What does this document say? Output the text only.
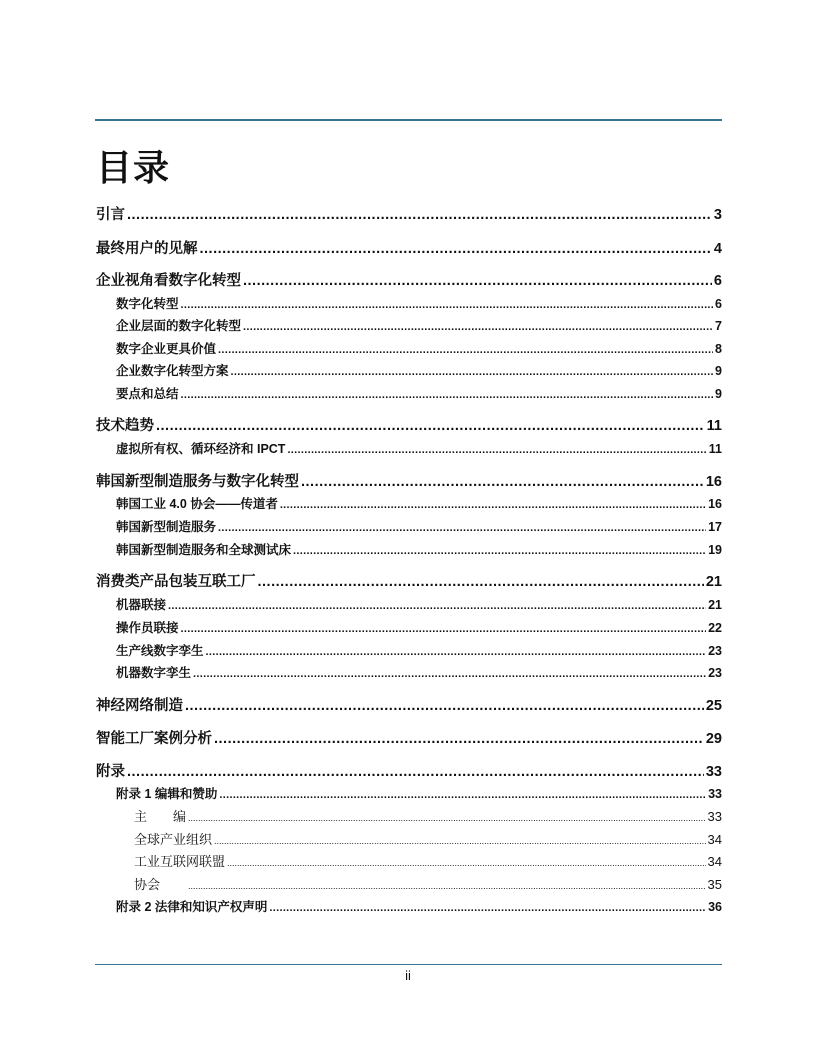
目录
引言 .....	3
最终用户的见解 .....	4
企业视角看数字化转型 .....	6
数字化转型 .....	6
企业层面的数字化转型 .....	7
数字企业更具价值 .....	8
企业数字化转型方案 .....	9
要点和总结 .....	9
技术趋势 .....	11
虚拟所有权、循环经济和 IPCT .....	11
韩国新型制造服务与数字化转型 .....	16
韩国工业 4.0 协会——传道者 .....	16
韩国新型制造服务 .....	17
韩国新型制造服务和全球测试床 .....	19
消费类产品包装互联工厂 .....	21
机器联接 .....	21
操作员联接 .....	22
生产线数字孪生 .....	23
机器数字孪生 .....	23
神经网络制造 .....	25
智能工厂案例分析 .....	29
附录 .....	33
附录 1 编辑和赞助 .....	33
主　　编 .....	33
全球产业组织 .....	34
工业互联网联盟 .....	34
协会　　 .....	35
附录 2 法律和知识产权声明 .....	36
ii
